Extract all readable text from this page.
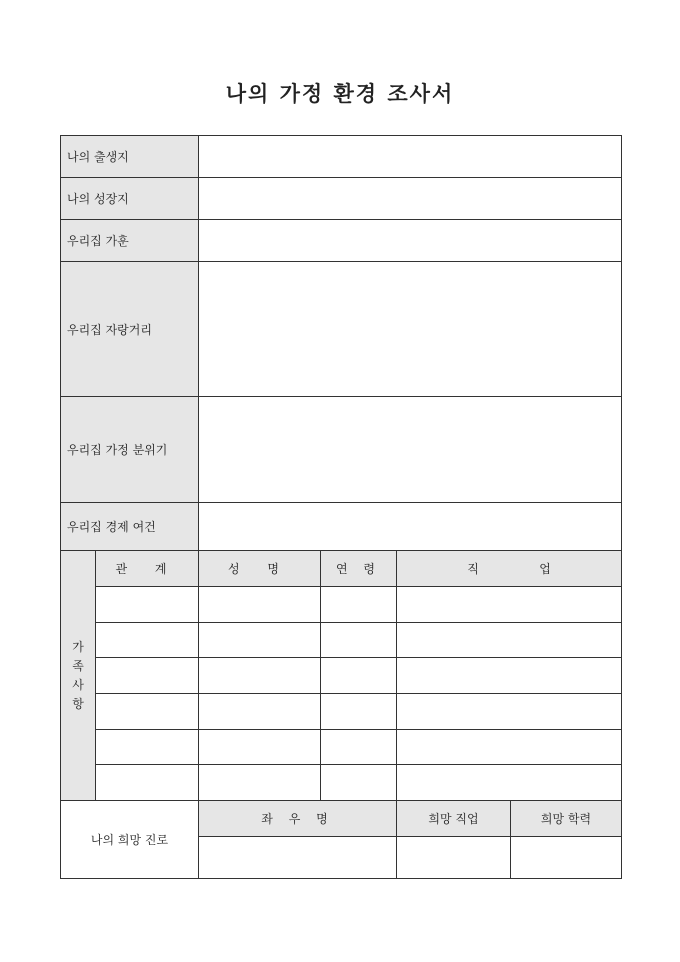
나의 가정 환경 조사서
나의 출생지					
나의 성장지					
우리집 가훈					
우리집 자랑거리					
우리집 가정 분위기					
우리집 경제 여건					

가
족
사
항	관 계	성 명	연 령	직 업	

나의 희망 진로		좌 우 명		희망 직업	희망 학력
